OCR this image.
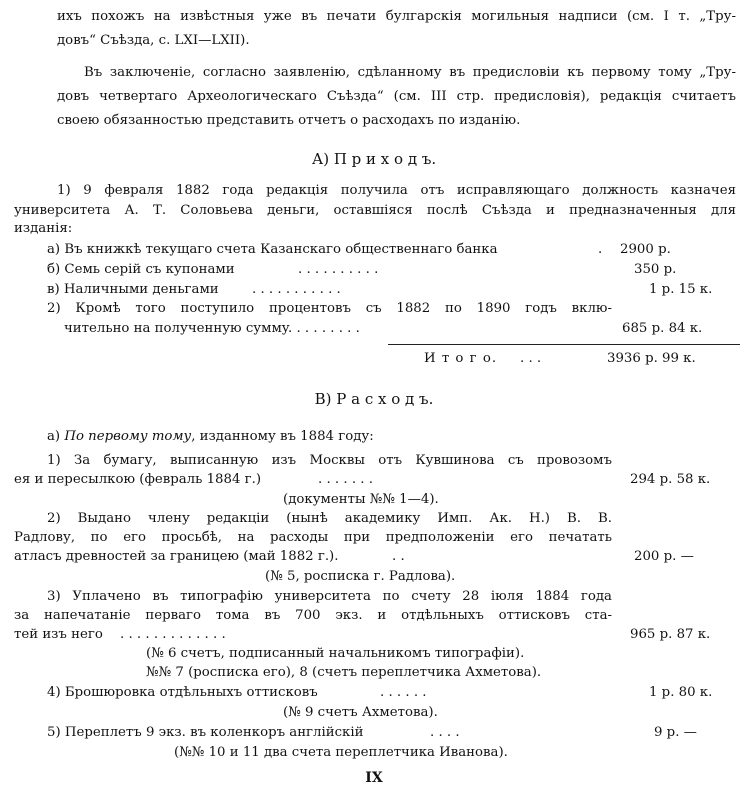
ихъ похожъ на извѣстныя уже въ печати булгарскія могильныя надписи (см. I т. „Тру-
довъ“ Съѣзда, с. LXI—LXII).
Въ заключеніе, согласно заявленію, сдѣланному въ предисловіи къ первому тому „Тру-
довъ четвертаго Археологическаго Съѣзда“ (см. III стр. предисловія), редакція считаетъ
своею обязанностью представить отчетъ о расходахъ по изданію.
А) П р и х о д ъ.
1) 9 февраля 1882 года редакція получила отъ исправляющаго должность казначея
университета А. Т. Соловьева деньги, оставшіяся послѣ Съѣзда и предназначенныя для
изданія:
а) Въ книжкѣ текущаго счета Казанскаго общественнаго банка	. 2900 р.
б) Семь серій съ купонами	. . . . . . . . . .	350 р.
в) Наличными деньгами	. . . . . . . . . . .	1 р. 15 к.
2) Кромѣ того поступило процентовъ съ 1882 по 1890 годъ вклю-
чительно на полученную сумму
. . . . . . . . .	685 р. 84 к.
И т о г о. . . .	3936 р. 99 к.
В) Р а с х о д ъ.
а) По первому тому, изданному въ 1884 году:
1) За бумагу, выписанную изъ Москвы отъ Кувшинова съ провозомъ
ея и пересылкою (февраль 1884 г.)	. . . . . . .	294 р. 58 к.
(документы №№ 1—4).
2) Выдано члену редакціи (нынѣ академику Имп. Ак. Н.) В. В.
Радлову, по его просьбѣ, на расходы при предположеніи его печатать
атласъ древностей за границею (май 1882 г.).	. .	200 р. —
(№ 5, росписка г. Радлова).
3) Уплачено въ типографію университета по счету 28 іюля 1884 года
за напечатаніе перваго тома въ 700 экз. и отдѣльныхъ оттисковъ ста-
тей изъ него . . . . . . . . . . . . .	965 р. 87 к.
(№ 6 счетъ, подписанный начальникомъ типографіи).
№№ 7 (росписка его), 8 (счетъ переплетчика Ахметова).
4) Брошюровка отдѣльныхъ оттисковъ	. . . . . .	1 р. 80 к.
(№ 9 счетъ Ахметова).
5) Переплетъ 9 экз. въ коленкоръ англійскій	. . . .	9 р. —
(№№ 10 и 11 два счета переплетчика Иванова).
IX
